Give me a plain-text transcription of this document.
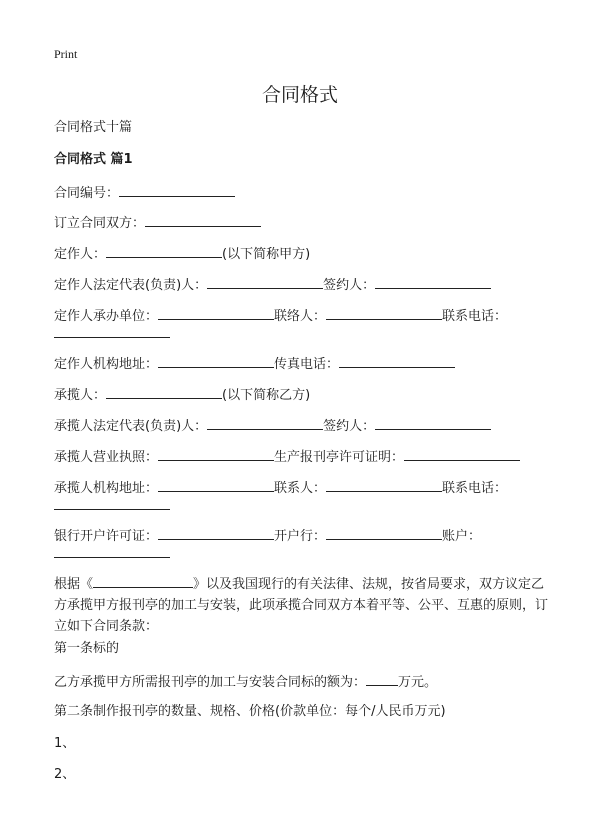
Print
合同格式
合同格式十篇
合同格式 篇1
合同编号：
订立合同双方：
定作人：	(以下简称甲方)
定作人法定代表(负责)人：	签约人：
定作人承办单位：	联络人：	联系电话：
定作人机构地址：	传真电话：
承揽人：	(以下简称乙方)
承揽人法定代表(负责)人：	签约人：
承揽人营业执照：	生产报刊亭许可证明：
承揽人机构地址：	联系人：	联系电话：
银行开户许可证：	开户行：	账户：
根据《	》以及我国现行的有关法律、法规，按省局要求，双方议定乙方承揽甲方报刊亭的加工与安装，此项承揽合同双方本着平等、公平、互惠的原则，订立如下合同条款：
第一条标的
乙方承揽甲方所需报刊亭的加工与安装合同标的额为： 万元。
第二条制作报刊亭的数量、规格、价格(价款单位：每个/人民币万元)
1、
2、
